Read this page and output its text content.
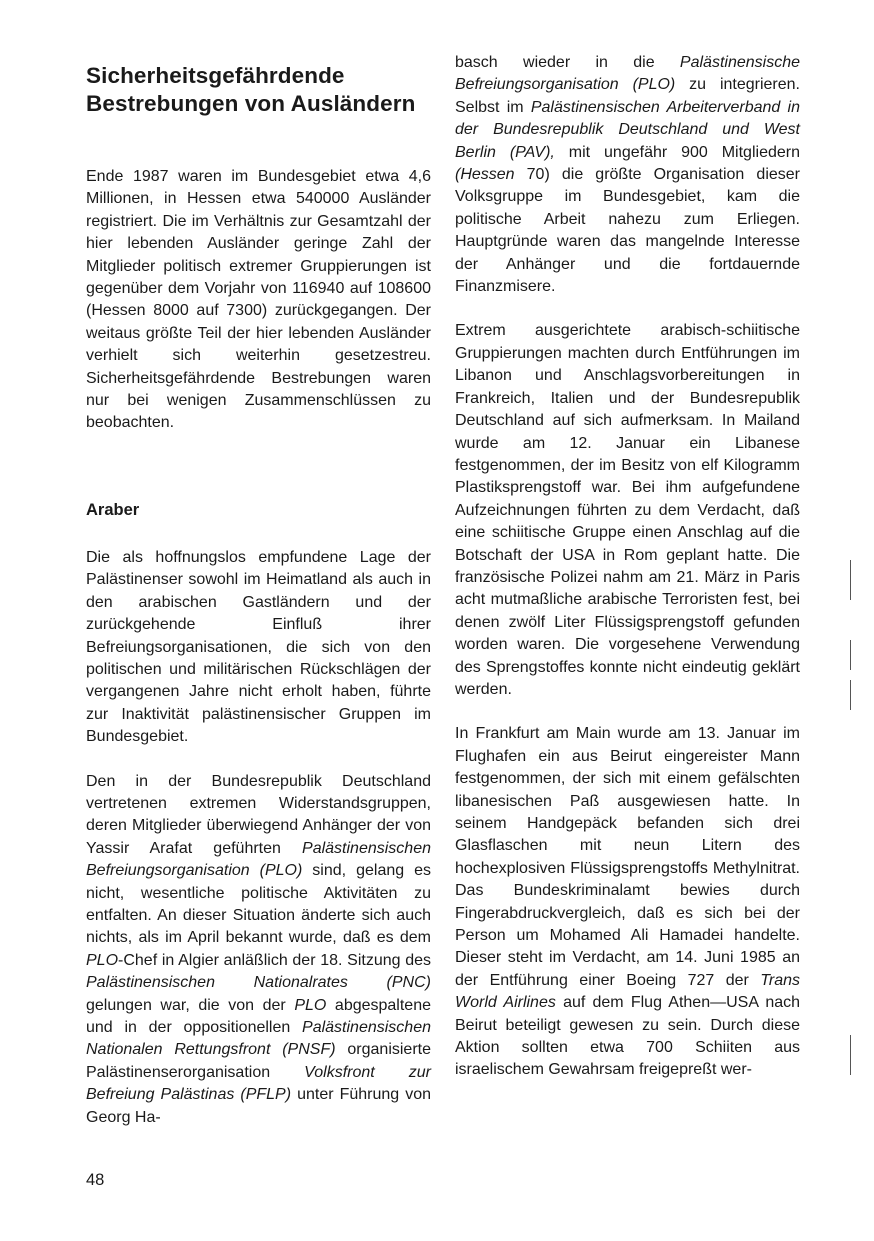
Sicherheitsgefährdende Bestrebungen von Ausländern

Ende 1987 waren im Bundesgebiet etwa 4,6 Millionen, in Hessen etwa 540000 Ausländer registriert. Die im Verhältnis zur Gesamtzahl der hier lebenden Ausländer geringe Zahl der Mitglieder politisch extremer Gruppierungen ist gegenüber dem Vorjahr von 116940 auf 108600 (Hessen 8000 auf 7300) zurückgegangen. Der weitaus größte Teil der hier lebenden Ausländer verhielt sich weiterhin gesetzestreu. Sicherheitsgefährdende Bestrebungen waren nur bei wenigen Zusammenschlüssen zu beobachten.

Araber

Die als hoffnungslos empfundene Lage der Palästinenser sowohl im Heimatland als auch in den arabischen Gastländern und der zurückgehende Einfluß ihrer Befreiungsorganisationen, die sich von den politischen und militärischen Rückschlägen der vergangenen Jahre nicht erholt haben, führte zur Inaktivität palästinensischer Gruppen im Bundesgebiet.

Den in der Bundesrepublik Deutschland vertretenen extremen Widerstandsgruppen, deren Mitglieder überwiegend Anhänger der von Yassir Arafat geführten Palästinensischen Befreiungsorganisation (PLO) sind, gelang es nicht, wesentliche politische Aktivitäten zu entfalten. An dieser Situation änderte sich auch nichts, als im April bekannt wurde, daß es dem PLO-Chef in Algier anläßlich der 18. Sitzung des Palästinensischen Nationalrates (PNC) gelungen war, die von der PLO abgespaltene und in der oppositionellen Palästinensischen Nationalen Rettungsfront (PNSF) organisierte Palästinenserorganisation Volksfront zur Befreiung Palästinas (PFLP) unter Führung von Georg Ha-

basch wieder in die Palästinensische Befreiungsorganisation (PLO) zu integrieren. Selbst im Palästinensischen Arbeiterverband in der Bundesrepublik Deutschland und West Berlin (PAV), mit ungefähr 900 Mitgliedern (Hessen 70) die größte Organisation dieser Volksgruppe im Bundesgebiet, kam die politische Arbeit nahezu zum Erliegen. Hauptgründe waren das mangelnde Interesse der Anhänger und die fortdauernde Finanzmisere.

Extrem ausgerichtete arabisch-schiitische Gruppierungen machten durch Entführungen im Libanon und Anschlagsvorbereitungen in Frankreich, Italien und der Bundesrepublik Deutschland auf sich aufmerksam. In Mailand wurde am 12. Januar ein Libanese festgenommen, der im Besitz von elf Kilogramm Plastiksprengstoff war. Bei ihm aufgefundene Aufzeichnungen führten zu dem Verdacht, daß eine schiitische Gruppe einen Anschlag auf die Botschaft der USA in Rom geplant hatte. Die französische Polizei nahm am 21. März in Paris acht mutmaßliche arabische Terroristen fest, bei denen zwölf Liter Flüssigsprengstoff gefunden worden waren. Die vorgesehene Verwendung des Sprengstoffes konnte nicht eindeutig geklärt werden.

In Frankfurt am Main wurde am 13. Januar im Flughafen ein aus Beirut eingereister Mann festgenommen, der sich mit einem gefälschten libanesischen Paß ausgewiesen hatte. In seinem Handgepäck befanden sich drei Glasflaschen mit neun Litern des hochexplosiven Flüssigsprengstoffs Methylnitrat. Das Bundeskriminalamt bewies durch Fingerabdruckvergleich, daß es sich bei der Person um Mohamed Ali Hamadei handelte. Dieser steht im Verdacht, am 14. Juni 1985 an der Entführung einer Boeing 727 der Trans World Airlines auf dem Flug Athen—USA nach Beirut beteiligt gewesen zu sein. Durch diese Aktion sollten etwa 700 Schiiten aus israelischem Gewahrsam freigepreßt wer-

48
